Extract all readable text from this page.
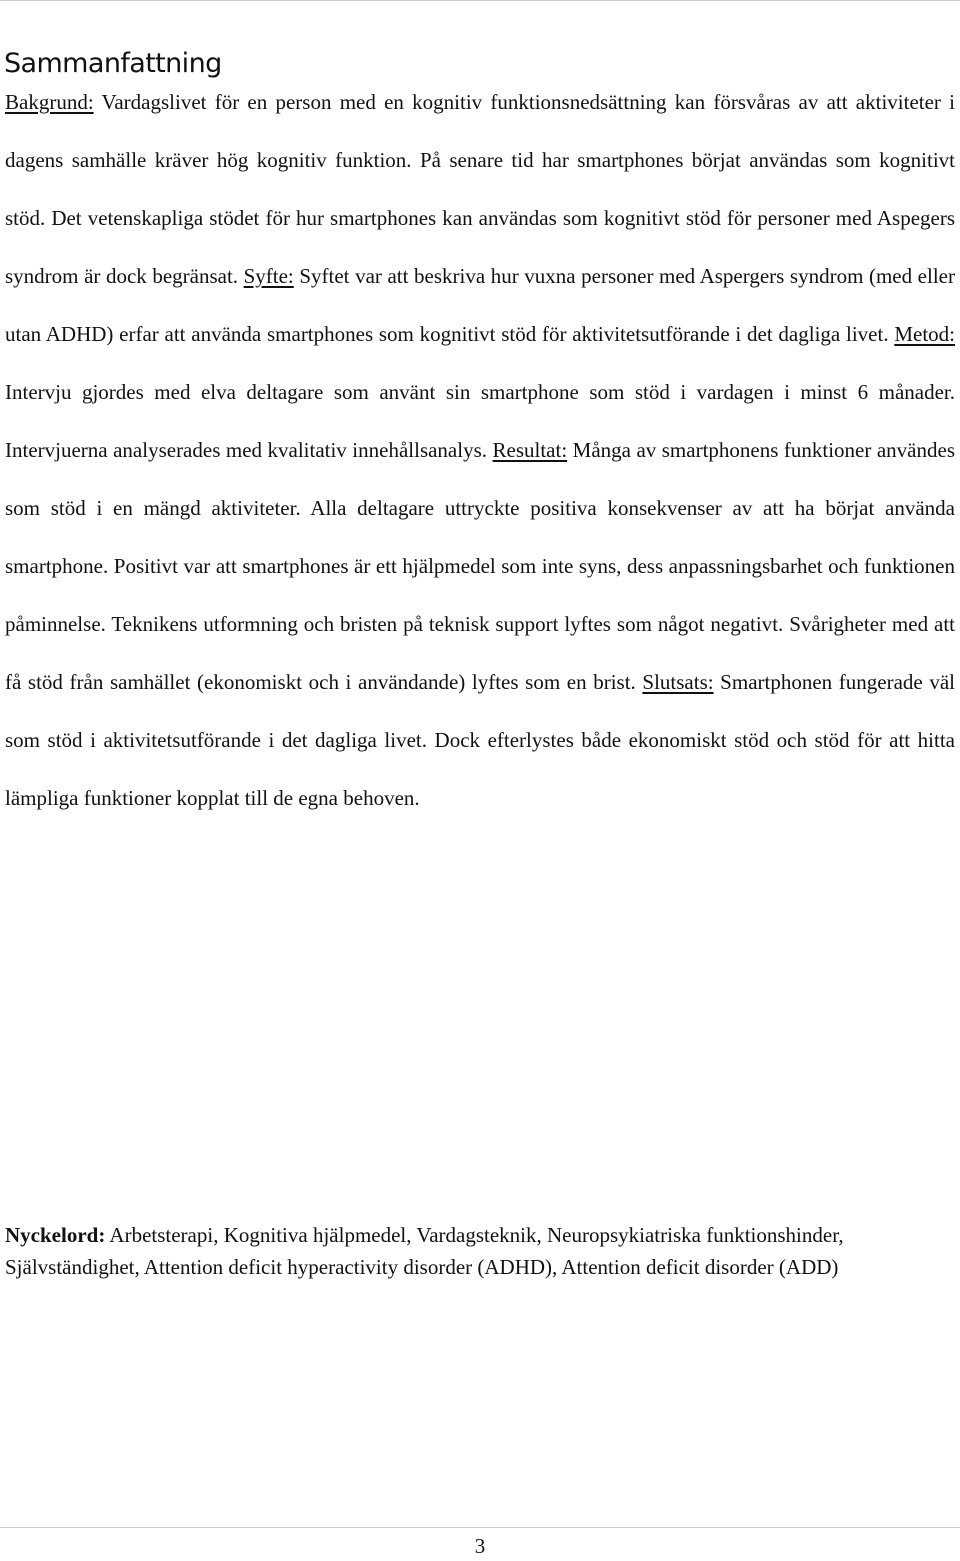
Sammanfattning

Bakgrund: Vardagslivet för en person med en kognitiv funktionsnedsättning kan försvåras av att aktiviteter i dagens samhälle kräver hög kognitiv funktion. På senare tid har smartphones börjat användas som kognitivt stöd. Det vetenskapliga stödet för hur smartphones kan användas som kognitivt stöd för personer med Aspegers syndrom är dock begränsat. Syfte: Syftet var att beskriva hur vuxna personer med Aspergers syndrom (med eller utan ADHD) erfar att använda smartphones som kognitivt stöd för aktivitetsutförande i det dagliga livet. Metod: Intervju gjordes med elva deltagare som använt sin smartphone som stöd i vardagen i minst 6 månader. Intervjuerna analyserades med kvalitativ innehållsanalys. Resultat: Många av smartphonens funktioner användes som stöd i en mängd aktiviteter. Alla deltagare uttryckte positiva konsekvenser av att ha börjat använda smartphone. Positivt var att smartphones är ett hjälpmedel som inte syns, dess anpassningsbarhet och funktionen påminnelse. Teknikens utformning och bristen på teknisk support lyftes som något negativt. Svårigheter med att få stöd från samhället (ekonomiskt och i användande) lyftes som en brist. Slutsats: Smartphonen fungerade väl som stöd i aktivitetsutförande i det dagliga livet. Dock efterlystes både ekonomiskt stöd och stöd för att hitta lämpliga funktioner kopplat till de egna behoven.

Nyckelord: Arbetsterapi, Kognitiva hjälpmedel, Vardagsteknik, Neuropsykiatriska funktionshinder, Självständighet, Attention deficit hyperactivity disorder (ADHD), Attention deficit disorder (ADD)

3
